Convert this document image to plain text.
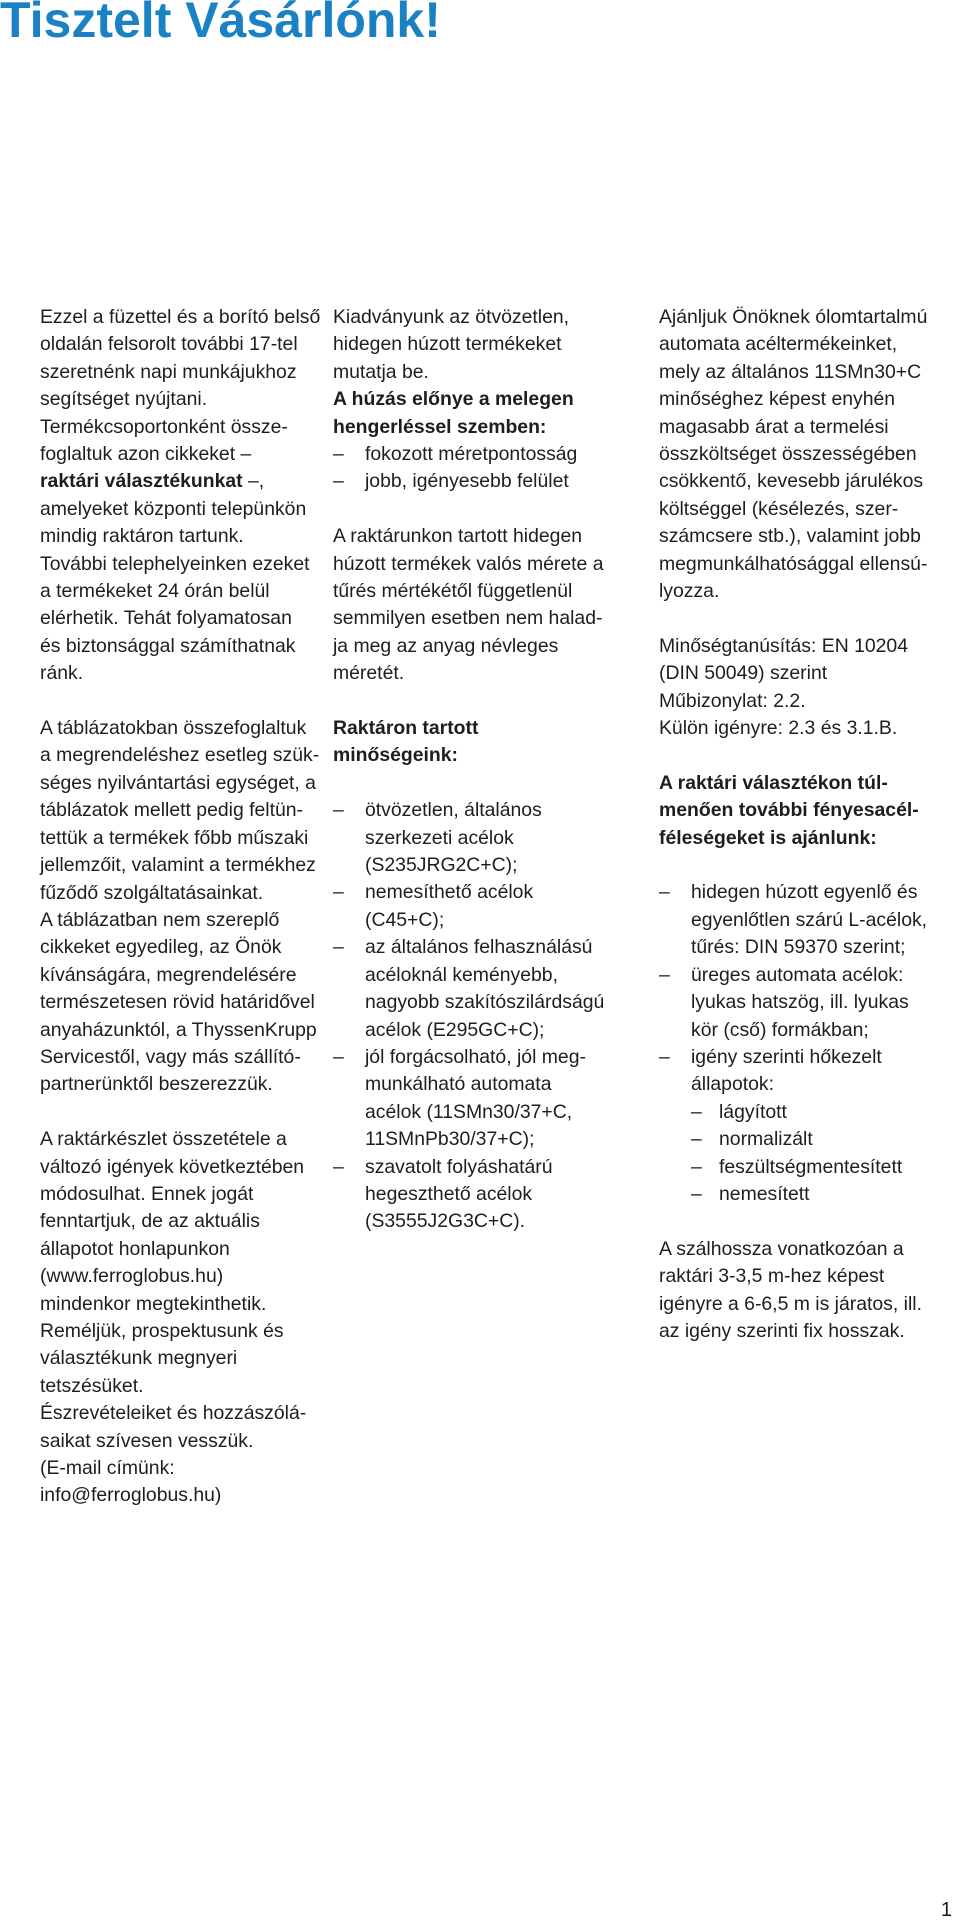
Tisztelt Vásárlónk!
Ezzel a füzettel és a borító belső
oldalán felsorolt további 17-tel
szeretnénk napi munkájukhoz
segítséget nyújtani.
Termékcsoportonként össze-
foglaltuk azon cikkeket –
raktári választékunkat –,
amelyeket központi telepünkön
mindig raktáron tartunk.
További telephelyeinken ezeket
a termékeket 24 órán belül
elérhetik. Tehát folyamatosan
és biztonsággal számíthatnak
ránk.
A táblázatokban összefoglaltuk
a megrendeléshez esetleg szük-
séges nyilvántartási egységet, a
táblázatok mellett pedig feltün-
tettük a termékek főbb műszaki
jellemzőit, valamint a termékhez
fűződő szolgáltatásainkat.
A táblázatban nem szereplő
cikkeket egyedileg, az Önök
kívánságára, megrendelésére
természetesen rövid határidővel
anyaházunktól, a ThyssenKrupp
Servicestől, vagy más szállító-
partnerünktől beszerezzük.
A raktárkészlet összetétele a
változó igények következtében
módosulhat. Ennek jogát
fenntartjuk, de az aktuális
állapotot honlapunkon
(www.ferroglobus.hu)
mindenkor megtekinthetik.
Reméljük, prospektusunk és
választékunk megnyeri
tetszésüket.
Észrevételeiket és hozzászólá-
saikat szívesen vesszük.
(E-mail címünk:
info@ferroglobus.hu)
Kiadványunk az ötvözetlen,
hidegen húzott termékeket
mutatja be.
A húzás előnye a melegen
hengerléssel szemben:
– fokozott méretpontosság
– jobb, igényesebb felület
A raktárunkon tartott hidegen
húzott termékek valós mérete a
tűrés mértékétől függetlenül
semmilyen esetben nem halad-
ja meg az anyag névleges
méretét.
Raktáron tartott
minőségeink:
– ötvözetlen, általános
szerkezeti acélok
(S235JRG2C+C);
– nemesíthető acélok
(C45+C);
– az általános felhasználású
acéloknál keményebb,
nagyobb szakítószilárdságú
acélok (E295GC+C);
– jól forgácsolható, jól meg-
munkálható automata
acélok (11SMn30/37+C,
11SMnPb30/37+C);
– szavatolt folyáshatárú
hegeszthető acélok
(S3555J2G3C+C).
Ajánljuk Önöknek ólomtartalmú
automata acéltermékeinket,
mely az általános 11SMn30+C
minőséghez képest enyhén
magasabb árat a termelési
összköltséget összességében
csökkentő, kevesebb járulékos
költséggel (késélezés, szer-
számcsere stb.), valamint jobb
megmunkálhatósággal ellensú-
lyozza.
Minőségtanúsítás: EN 10204
(DIN 50049) szerint
Műbizonylat: 2.2.
Külön igényre: 2.3 és 3.1.B.
A raktári választékon túl-
menően további fényesacél-
féleségeket is ajánlunk:
– hidegen húzott egyenlő és
egyenlőtlen szárú L-acélok,
tűrés: DIN 59370 szerint;
– üreges automata acélok:
lyukas hatszög, ill. lyukas
kör (cső) formákban;
– igény szerinti hőkezelt
állapotok:
– lágyított
– normalizált
– feszültségmentesített
– nemesített
A szálhossza vonatkozóan a
raktári 3-3,5 m-hez képest
igényre a 6-6,5 m is járatos, ill.
az igény szerinti fix hosszak.
1
